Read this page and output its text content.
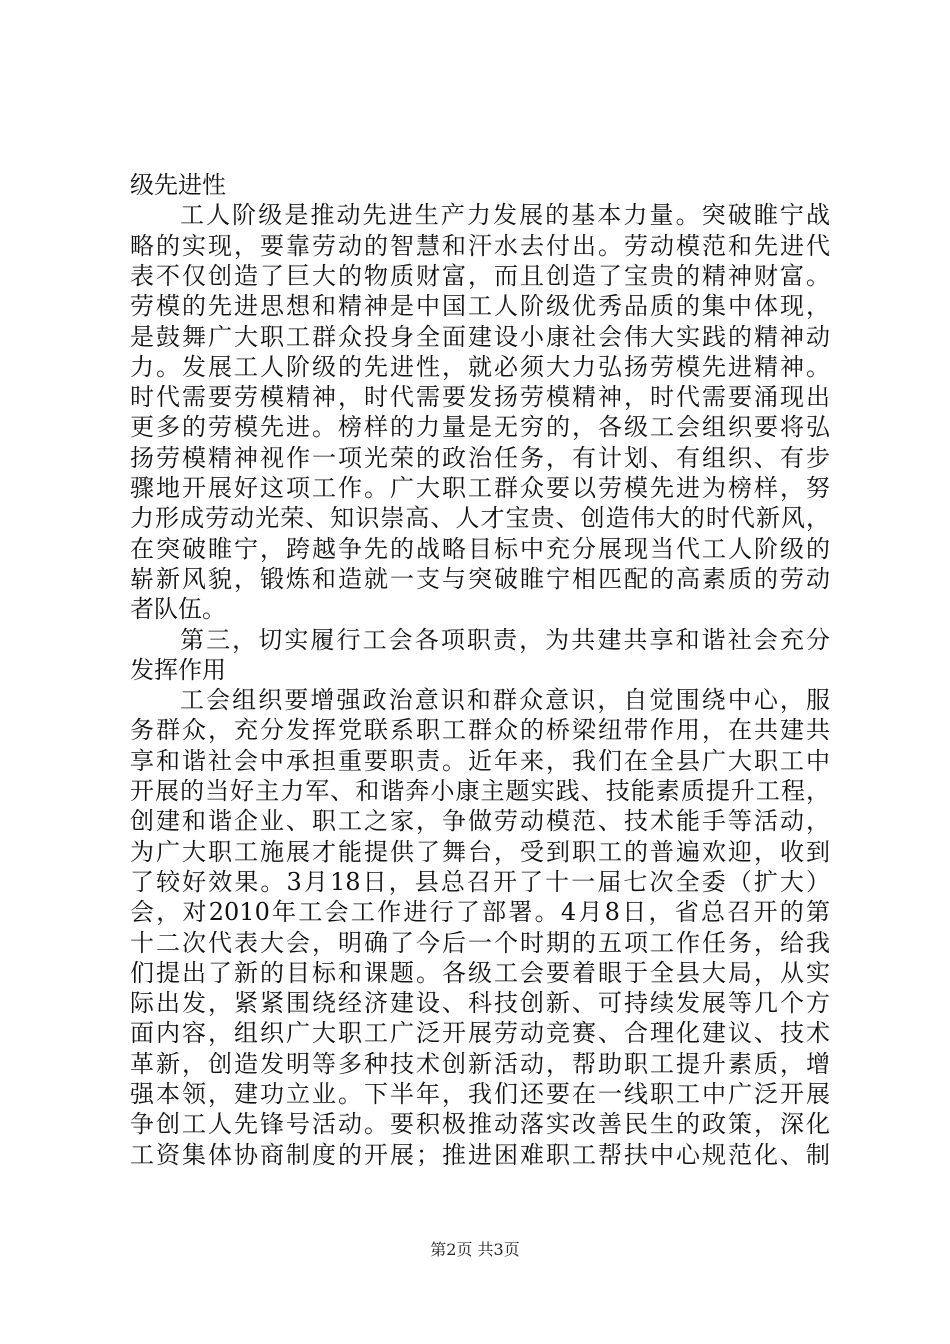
级先进性
工人阶级是推动先进生产力发展的基本力量。突破睢宁战
略的实现，要靠劳动的智慧和汗水去付出。劳动模范和先进代
表不仅创造了巨大的物质财富，而且创造了宝贵的精神财富。
劳模的先进思想和精神是中国工人阶级优秀品质的集中体现，
是鼓舞广大职工群众投身全面建设小康社会伟大实践的精神动
力。发展工人阶级的先进性，就必须大力弘扬劳模先进精神。
时代需要劳模精神，时代需要发扬劳模精神，时代需要涌现出
更多的劳模先进。榜样的力量是无穷的，各级工会组织要将弘
扬劳模精神视作一项光荣的政治任务，有计划、有组织、有步
骤地开展好这项工作。广大职工群众要以劳模先进为榜样，努
力形成劳动光荣、知识崇高、人才宝贵、创造伟大的时代新风，
在突破睢宁，跨越争先的战略目标中充分展现当代工人阶级的
崭新风貌，锻炼和造就一支与突破睢宁相匹配的高素质的劳动
者队伍。
第三，切实履行工会各项职责，为共建共享和谐社会充分
发挥作用
工会组织要增强政治意识和群众意识，自觉围绕中心，服
务群众，充分发挥党联系职工群众的桥梁纽带作用，在共建共
享和谐社会中承担重要职责。近年来，我们在全县广大职工中
开展的当好主力军、和谐奔小康主题实践、技能素质提升工程，
创建和谐企业、职工之家，争做劳动模范、技术能手等活动，
为广大职工施展才能提供了舞台，受到职工的普遍欢迎，收到
了较好效果。3月18日，县总召开了十一届七次全委（扩大）
会，对2010年工会工作进行了部署。4月8日，省总召开的第
十二次代表大会，明确了今后一个时期的五项工作任务，给我
们提出了新的目标和课题。各级工会要着眼于全县大局，从实
际出发，紧紧围绕经济建设、科技创新、可持续发展等几个方
面内容，组织广大职工广泛开展劳动竞赛、合理化建议、技术
革新，创造发明等多种技术创新活动，帮助职工提升素质，增
强本领，建功立业。下半年，我们还要在一线职工中广泛开展
争创工人先锋号活动。要积极推动落实改善民生的政策，深化
工资集体协商制度的开展；推进困难职工帮扶中心规范化、制
第2页 共3页
